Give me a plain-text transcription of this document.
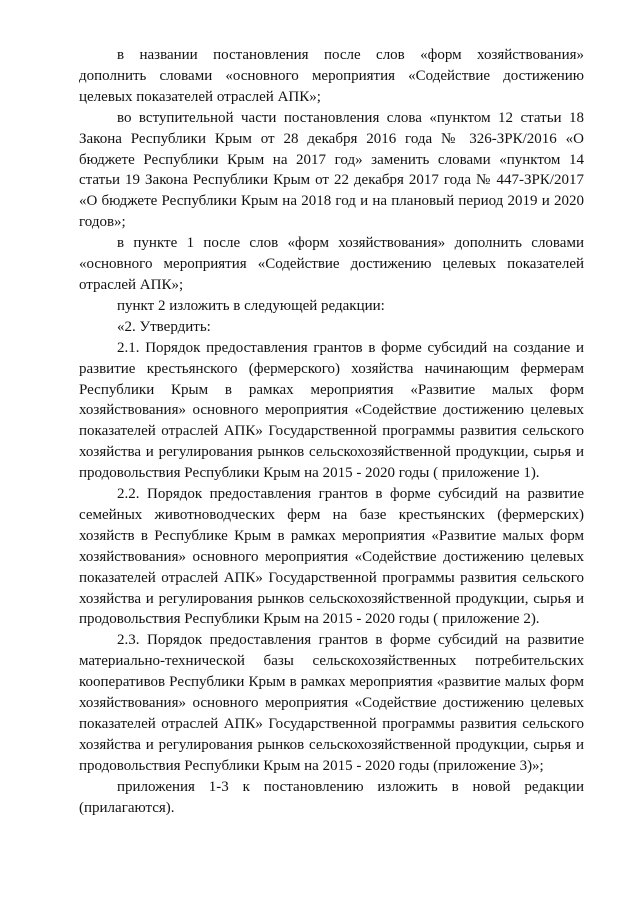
в названии постановления после слов «форм хозяйствования» дополнить словами «основного мероприятия «Содействие достижению целевых показателей отраслей АПК»;

во вступительной части постановления слова «пунктом 12 статьи 18 Закона Республики Крым от 28 декабря 2016 года № 326-ЗРК/2016 «О бюджете Республики Крым на 2017 год» заменить словами «пунктом 14 статьи 19 Закона Республики Крым от 22 декабря 2017 года № 447-ЗРК/2017 «О бюджете Республики Крым на 2018 год и на плановый период 2019 и 2020 годов»;

в пункте 1 после слов «форм хозяйствования» дополнить словами «основного мероприятия «Содействие достижению целевых показателей отраслей АПК»;

пункт 2 изложить в следующей редакции:

«2. Утвердить:

2.1. Порядок предоставления грантов в форме субсидий на создание и развитие крестьянского (фермерского) хозяйства начинающим фермерам Республики Крым в рамках мероприятия «Развитие малых форм хозяйствования» основного мероприятия «Содействие достижению целевых показателей отраслей АПК» Государственной программы развития сельского хозяйства и регулирования рынков сельскохозяйственной продукции, сырья и продовольствия Республики Крым на 2015 - 2020 годы ( приложение 1).

2.2. Порядок предоставления грантов в форме субсидий на развитие семейных животноводческих ферм на базе крестьянских (фермерских) хозяйств в Республике Крым в рамках мероприятия «Развитие малых форм хозяйствования» основного мероприятия «Содействие достижению целевых показателей отраслей АПК» Государственной программы развития сельского хозяйства и регулирования рынков сельскохозяйственной продукции, сырья и продовольствия Республики Крым на 2015 - 2020 годы ( приложение 2).

2.3. Порядок предоставления грантов в форме субсидий на развитие материально-технической базы сельскохозяйственных потребительских кооперативов Республики Крым в рамках мероприятия «развитие малых форм хозяйствования» основного мероприятия «Содействие достижению целевых показателей отраслей АПК» Государственной программы развития сельского хозяйства и регулирования рынков сельскохозяйственной продукции, сырья и продовольствия Республики Крым на 2015 - 2020 годы (приложение 3)»;

приложения 1-3 к постановлению изложить в новой редакции (прилагаются).
